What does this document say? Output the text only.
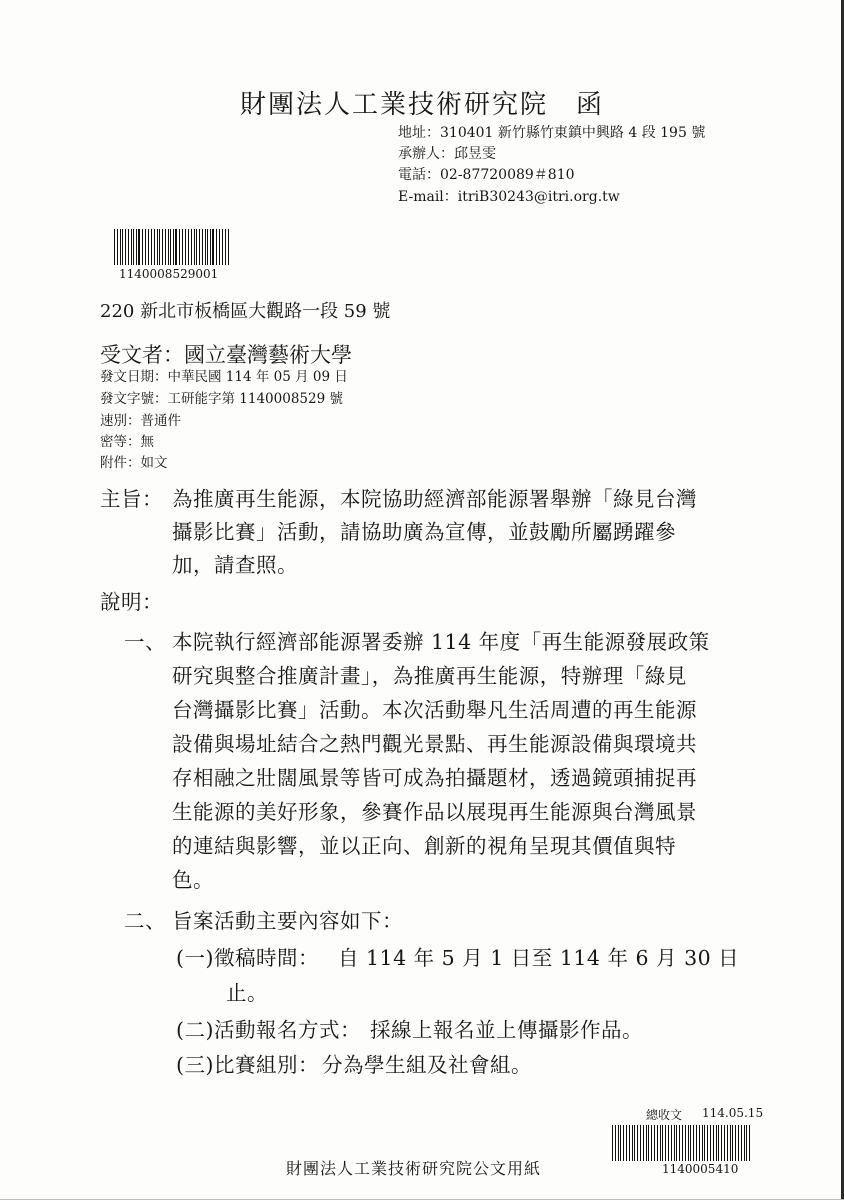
財團法人工業技術研究院　函
地址：310401 新竹縣竹東鎮中興路 4 段 195 號
承辦人：邱昱雯
電話：02-87720089＃810
E-mail：itriB30243@itri.org.tw
1140008529001
220 新北市板橋區大觀路一段 59 號
受文者：國立臺灣藝術大學
發文日期：中華民國 114 年 05 月 09 日
發文字號：工研能字第 1140008529 號
速別：普通件
密等：無
附件：如文
主旨： 為推廣再生能源，本院協助經濟部能源署舉辦「綠見台灣
攝影比賽」活動，請協助廣為宣傳，並鼓勵所屬踴躍參
加，請查照。
說明：
一、 本院執行經濟部能源署委辦 114 年度「再生能源發展政策
研究與整合推廣計畫」，為推廣再生能源，特辦理「綠見
台灣攝影比賽」活動。本次活動舉凡生活周遭的再生能源
設備與場址結合之熱門觀光景點、再生能源設備與環境共
存相融之壯闊風景等皆可成為拍攝題材，透過鏡頭捕捉再
生能源的美好形象，參賽作品以展現再生能源與台灣風景
的連結與影響，並以正向、創新的視角呈現其價值與特
色。
二、 旨案活動主要內容如下：
(一)徵稿時間： 自 114 年 5 月 1 日至 114 年 6 月 30 日
止。
(二)活動報名方式： 採線上報名並上傳攝影作品。
(三)比賽組別： 分為學生組及社會組。
總收文 114.05.15
1140005410
財團法人工業技術研究院公文用紙
